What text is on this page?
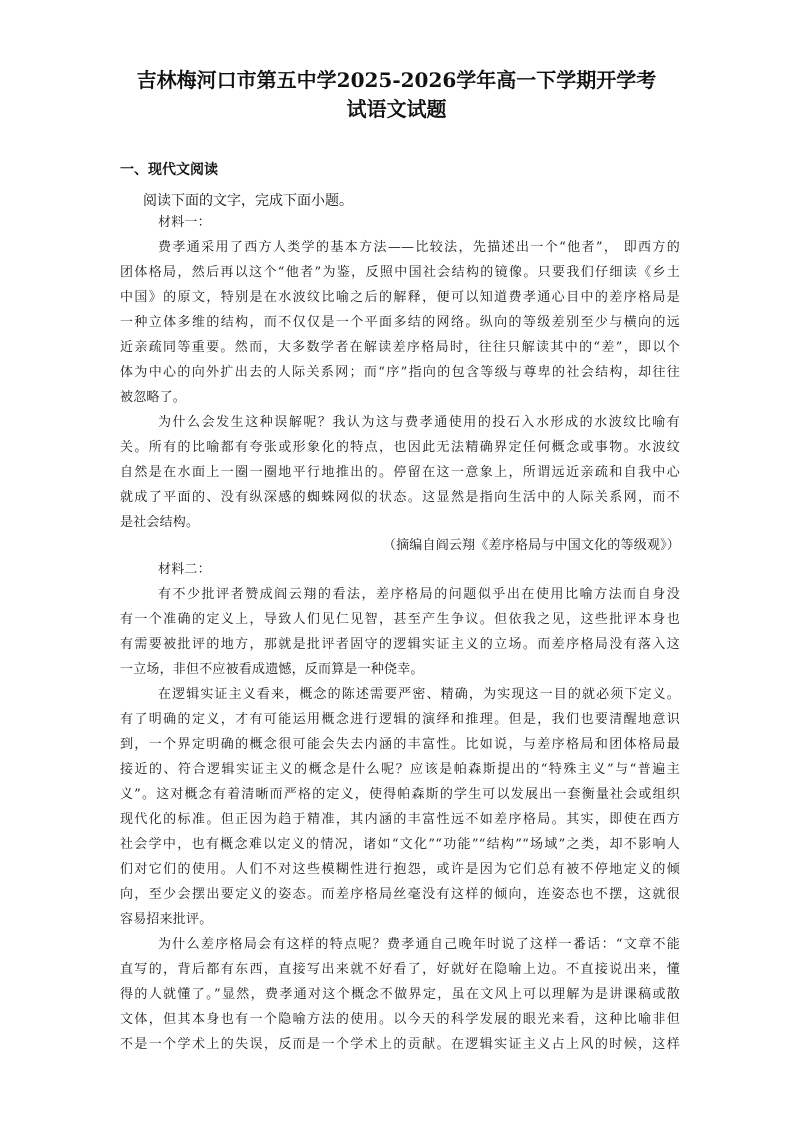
吉林梅河口市第五中学2025-2026学年高一下学期开学考
试语文试题
一、现代文阅读

阅读下面的文字，完成下面小题。

材料一：
费孝通采用了西方人类学的基本方法——比较法，先描述出一个“他者”， 即西方的
团体格局，然后再以这个“他者”为鉴，反照中国社会结构的镜像。只要我们仔细读《乡土
中国》的原文，特别是在水波纹比喻之后的解释，便可以知道费孝通心目中的差序格局是
一种立体多维的结构，而不仅仅是一个平面多结的网络。纵向的等级差别至少与横向的远
近亲疏同等重要。然而，大多数学者在解读差序格局时，往往只解读其中的“差”，即以个
体为中心的向外扩出去的人际关系网；而“序”指向的包含等级与尊卑的社会结构，却往往
被忽略了。
为什么会发生这种误解呢？我认为这与费孝通使用的投石入水形成的水波纹比喻有
关。所有的比喻都有夸张或形象化的特点，也因此无法精确界定任何概念或事物。水波纹
自然是在水面上一圈一圈地平行地推出的。停留在这一意象上，所谓远近亲疏和自我中心
就成了平面的、没有纵深感的蜘蛛网似的状态。这显然是指向生活中的人际关系网，而不
是社会结构。
（摘编自阎云翔《差序格局与中国文化的等级观》）
材料二：
有不少批评者赞成阎云翔的看法，差序格局的问题似乎出在使用比喻方法而自身没
有一个准确的定义上，导致人们见仁见智，甚至产生争议。但依我之见，这些批评本身也
有需要被批评的地方，那就是批评者固守的逻辑实证主义的立场。而差序格局没有落入这
一立场，非但不应被看成遗憾，反而算是一种侥幸。
在逻辑实证主义看来，概念的陈述需要严密、精确，为实现这一目的就必须下定义。
有了明确的定义，才有可能运用概念进行逻辑的演绎和推理。但是，我们也要清醒地意识
到，一个界定明确的概念很可能会失去内涵的丰富性。比如说，与差序格局和团体格局最
接近的、符合逻辑实证主义的概念是什么呢？应该是帕森斯提出的“特殊主义”与“普遍主
义”。这对概念有着清晰而严格的定义，使得帕森斯的学生可以发展出一套衡量社会或组织
现代化的标准。但正因为趋于精准，其内涵的丰富性远不如差序格局。其实，即使在西方
社会学中，也有概念难以定义的情况，诸如“文化”“功能”“结构”“场域”之类，却不影响人
们对它们的使用。人们不对这些模糊性进行抱怨，或许是因为它们总有被不停地定义的倾
向，至少会摆出要定义的姿态。而差序格局丝毫没有这样的倾向，连姿态也不摆，这就很
容易招来批评。
为什么差序格局会有这样的特点呢？费孝通自己晚年时说了这样一番话：“文章不能
直写的，背后都有东西，直接写出来就不好看了，好就好在隐喻上边。不直接说出来，懂
得的人就懂了。”显然，费孝通对这个概念不做界定，虽在文风上可以理解为是讲课稿或散
文体，但其本身也有一个隐喻方法的使用。以今天的科学发展的眼光来看，这种比喻非但
不是一个学术上的失误，反而是一个学术上的贡献。在逻辑实证主义占上风的时候，这样
